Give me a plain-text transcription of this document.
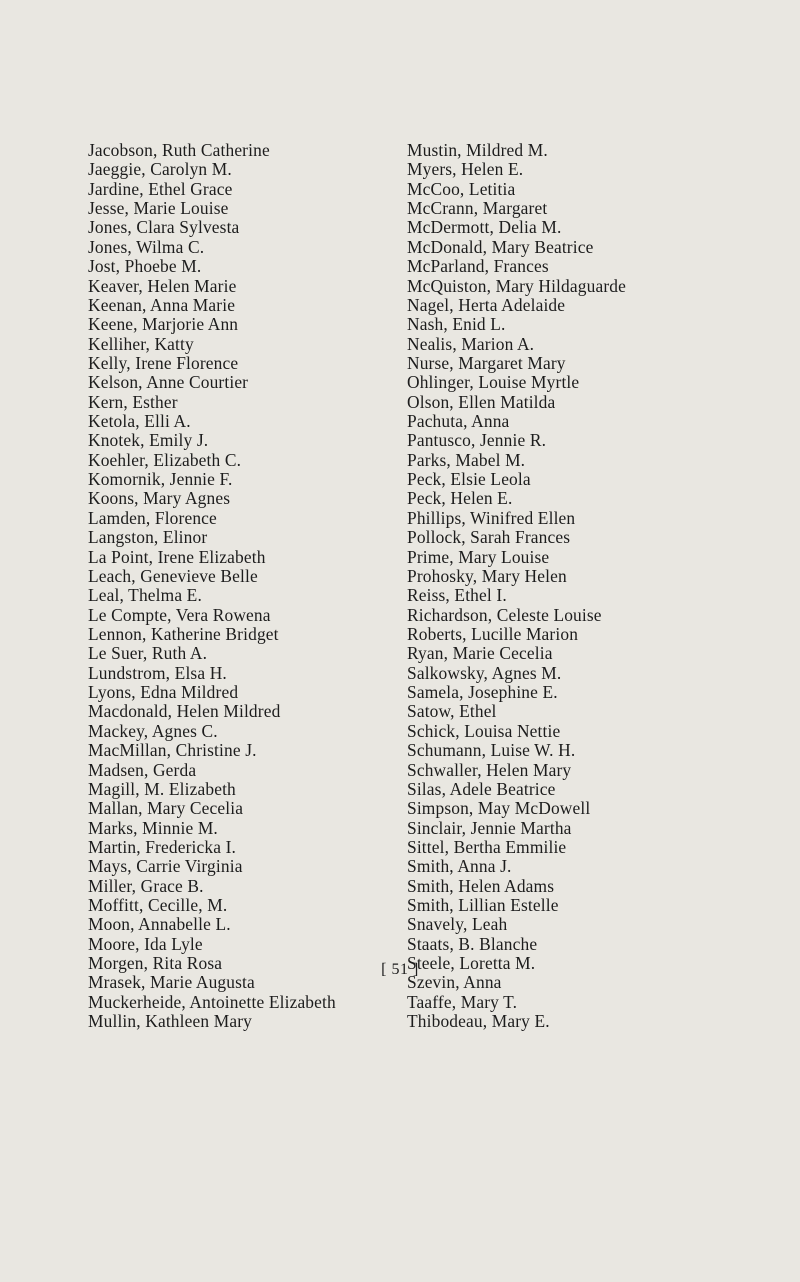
Jacobson, Ruth Catherine
Jaeggie, Carolyn M.
Jardine, Ethel Grace
Jesse, Marie Louise
Jones, Clara Sylvesta
Jones, Wilma C.
Jost, Phoebe M.
Keaver, Helen Marie
Keenan, Anna Marie
Keene, Marjorie Ann
Kelliher, Katty
Kelly, Irene Florence
Kelson, Anne Courtier
Kern, Esther
Ketola, Elli A.
Knotek, Emily J.
Koehler, Elizabeth C.
Komornik, Jennie F.
Koons, Mary Agnes
Lamden, Florence
Langston, Elinor
La Point, Irene Elizabeth
Leach, Genevieve Belle
Leal, Thelma E.
Le Compte, Vera Rowena
Lennon, Katherine Bridget
Le Suer, Ruth A.
Lundstrom, Elsa H.
Lyons, Edna Mildred
Macdonald, Helen Mildred
Mackey, Agnes C.
MacMillan, Christine J.
Madsen, Gerda
Magill, M. Elizabeth
Mallan, Mary Cecelia
Marks, Minnie M.
Martin, Fredericka I.
Mays, Carrie Virginia
Miller, Grace B.
Moffitt, Cecille, M.
Moon, Annabelle L.
Moore, Ida Lyle
Morgen, Rita Rosa
Mrasek, Marie Augusta
Muckerheide, Antoinette Elizabeth
Mullin, Kathleen Mary
Mustin, Mildred M.
Myers, Helen E.
McCoo, Letitia
McCrann, Margaret
McDermott, Delia M.
McDonald, Mary Beatrice
McParland, Frances
McQuiston, Mary Hildaguarde
Nagel, Herta Adelaide
Nash, Enid L.
Nealis, Marion A.
Nurse, Margaret Mary
Ohlinger, Louise Myrtle
Olson, Ellen Matilda
Pachuta, Anna
Pantusco, Jennie R.
Parks, Mabel M.
Peck, Elsie Leola
Peck, Helen E.
Phillips, Winifred Ellen
Pollock, Sarah Frances
Prime, Mary Louise
Prohosky, Mary Helen
Reiss, Ethel I.
Richardson, Celeste Louise
Roberts, Lucille Marion
Ryan, Marie Cecelia
Salkowsky, Agnes M.
Samela, Josephine E.
Satow, Ethel
Schick, Louisa Nettie
Schumann, Luise W. H.
Schwaller, Helen Mary
Silas, Adele Beatrice
Simpson, May McDowell
Sinclair, Jennie Martha
Sittel, Bertha Emmilie
Smith, Anna J.
Smith, Helen Adams
Smith, Lillian Estelle
Snavely, Leah
Staats, B. Blanche
Steele, Loretta M.
Szevin, Anna
Taaffe, Mary T.
Thibodeau, Mary E.
[ 51 ]
